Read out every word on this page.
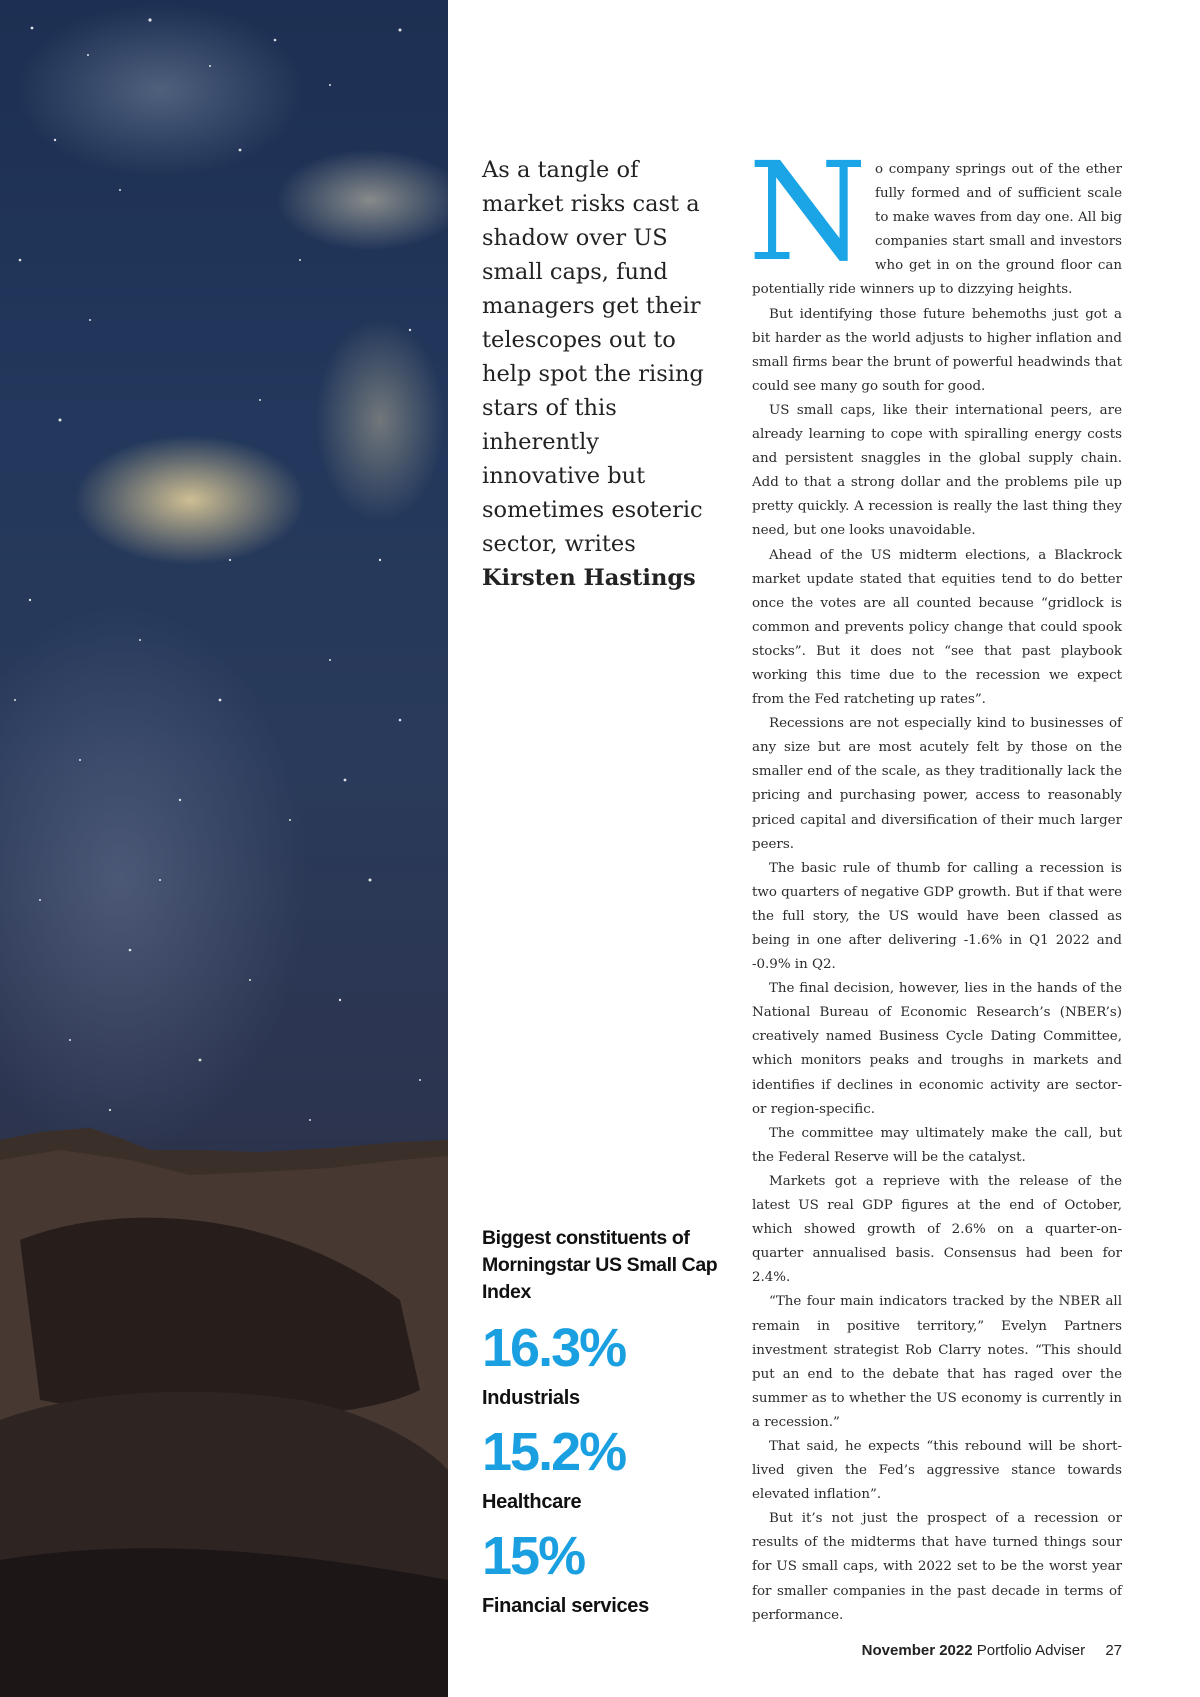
As a tangle of market risks cast a shadow over US small caps, fund managers get their telescopes out to help spot the rising stars of this inherently innovative but sometimes esoteric sector, writes
Kirsten Hastings
Biggest constituents of Morningstar US Small Cap Index
16.3%
Industrials
15.2%
Healthcare
15%
Financial services
N o company springs out of the ether fully formed and of sufficient scale to make waves from day one. All big companies start small and investors who get in on the ground floor can potentially ride winners up to dizzying heights.

But identifying those future behemoths just got a bit harder as the world adjusts to higher inflation and small firms bear the brunt of powerful headwinds that could see many go south for good.

US small caps, like their international peers, are already learning to cope with spiralling energy costs and persistent snaggles in the global supply chain. Add to that a strong dollar and the problems pile up pretty quickly. A recession is really the last thing they need, but one looks unavoidable.

Ahead of the US midterm elections, a Blackrock market update stated that equities tend to do better once the votes are all counted because “gridlock is common and prevents policy change that could spook stocks”. But it does not “see that past playbook working this time due to the recession we expect from the Fed ratcheting up rates”.

Recessions are not especially kind to businesses of any size but are most acutely felt by those on the smaller end of the scale, as they traditionally lack the pricing and purchasing power, access to reasonably priced capital and diversification of their much larger peers.

The basic rule of thumb for calling a recession is two quarters of negative GDP growth. But if that were the full story, the US would have been classed as being in one after delivering -1.6% in Q1 2022 and -0.9% in Q2.

The final decision, however, lies in the hands of the National Bureau of Economic Research’s (NBER’s) creatively named Business Cycle Dating Committee, which monitors peaks and troughs in markets and identifies if declines in economic activity are sector- or region-specific.

The committee may ultimately make the call, but the Federal Reserve will be the catalyst.

Markets got a reprieve with the release of the latest US real GDP figures at the end of October, which showed growth of 2.6% on a quarter-on-quarter annualised basis. Consensus had been for 2.4%.

“The four main indicators tracked by the NBER all remain in positive territory,” Evelyn Partners investment strategist Rob Clarry notes. “This should put an end to the debate that has raged over the summer as to whether the US economy is currently in a recession.”

That said, he expects “this rebound will be short-lived given the Fed’s aggressive stance towards elevated inflation”.

But it’s not just the prospect of a recession or results of the midterms that have turned things sour for US small caps, with 2022 set to be the worst year for smaller companies in the past decade in terms of performance.

November 2022 Portfolio Adviser 27
